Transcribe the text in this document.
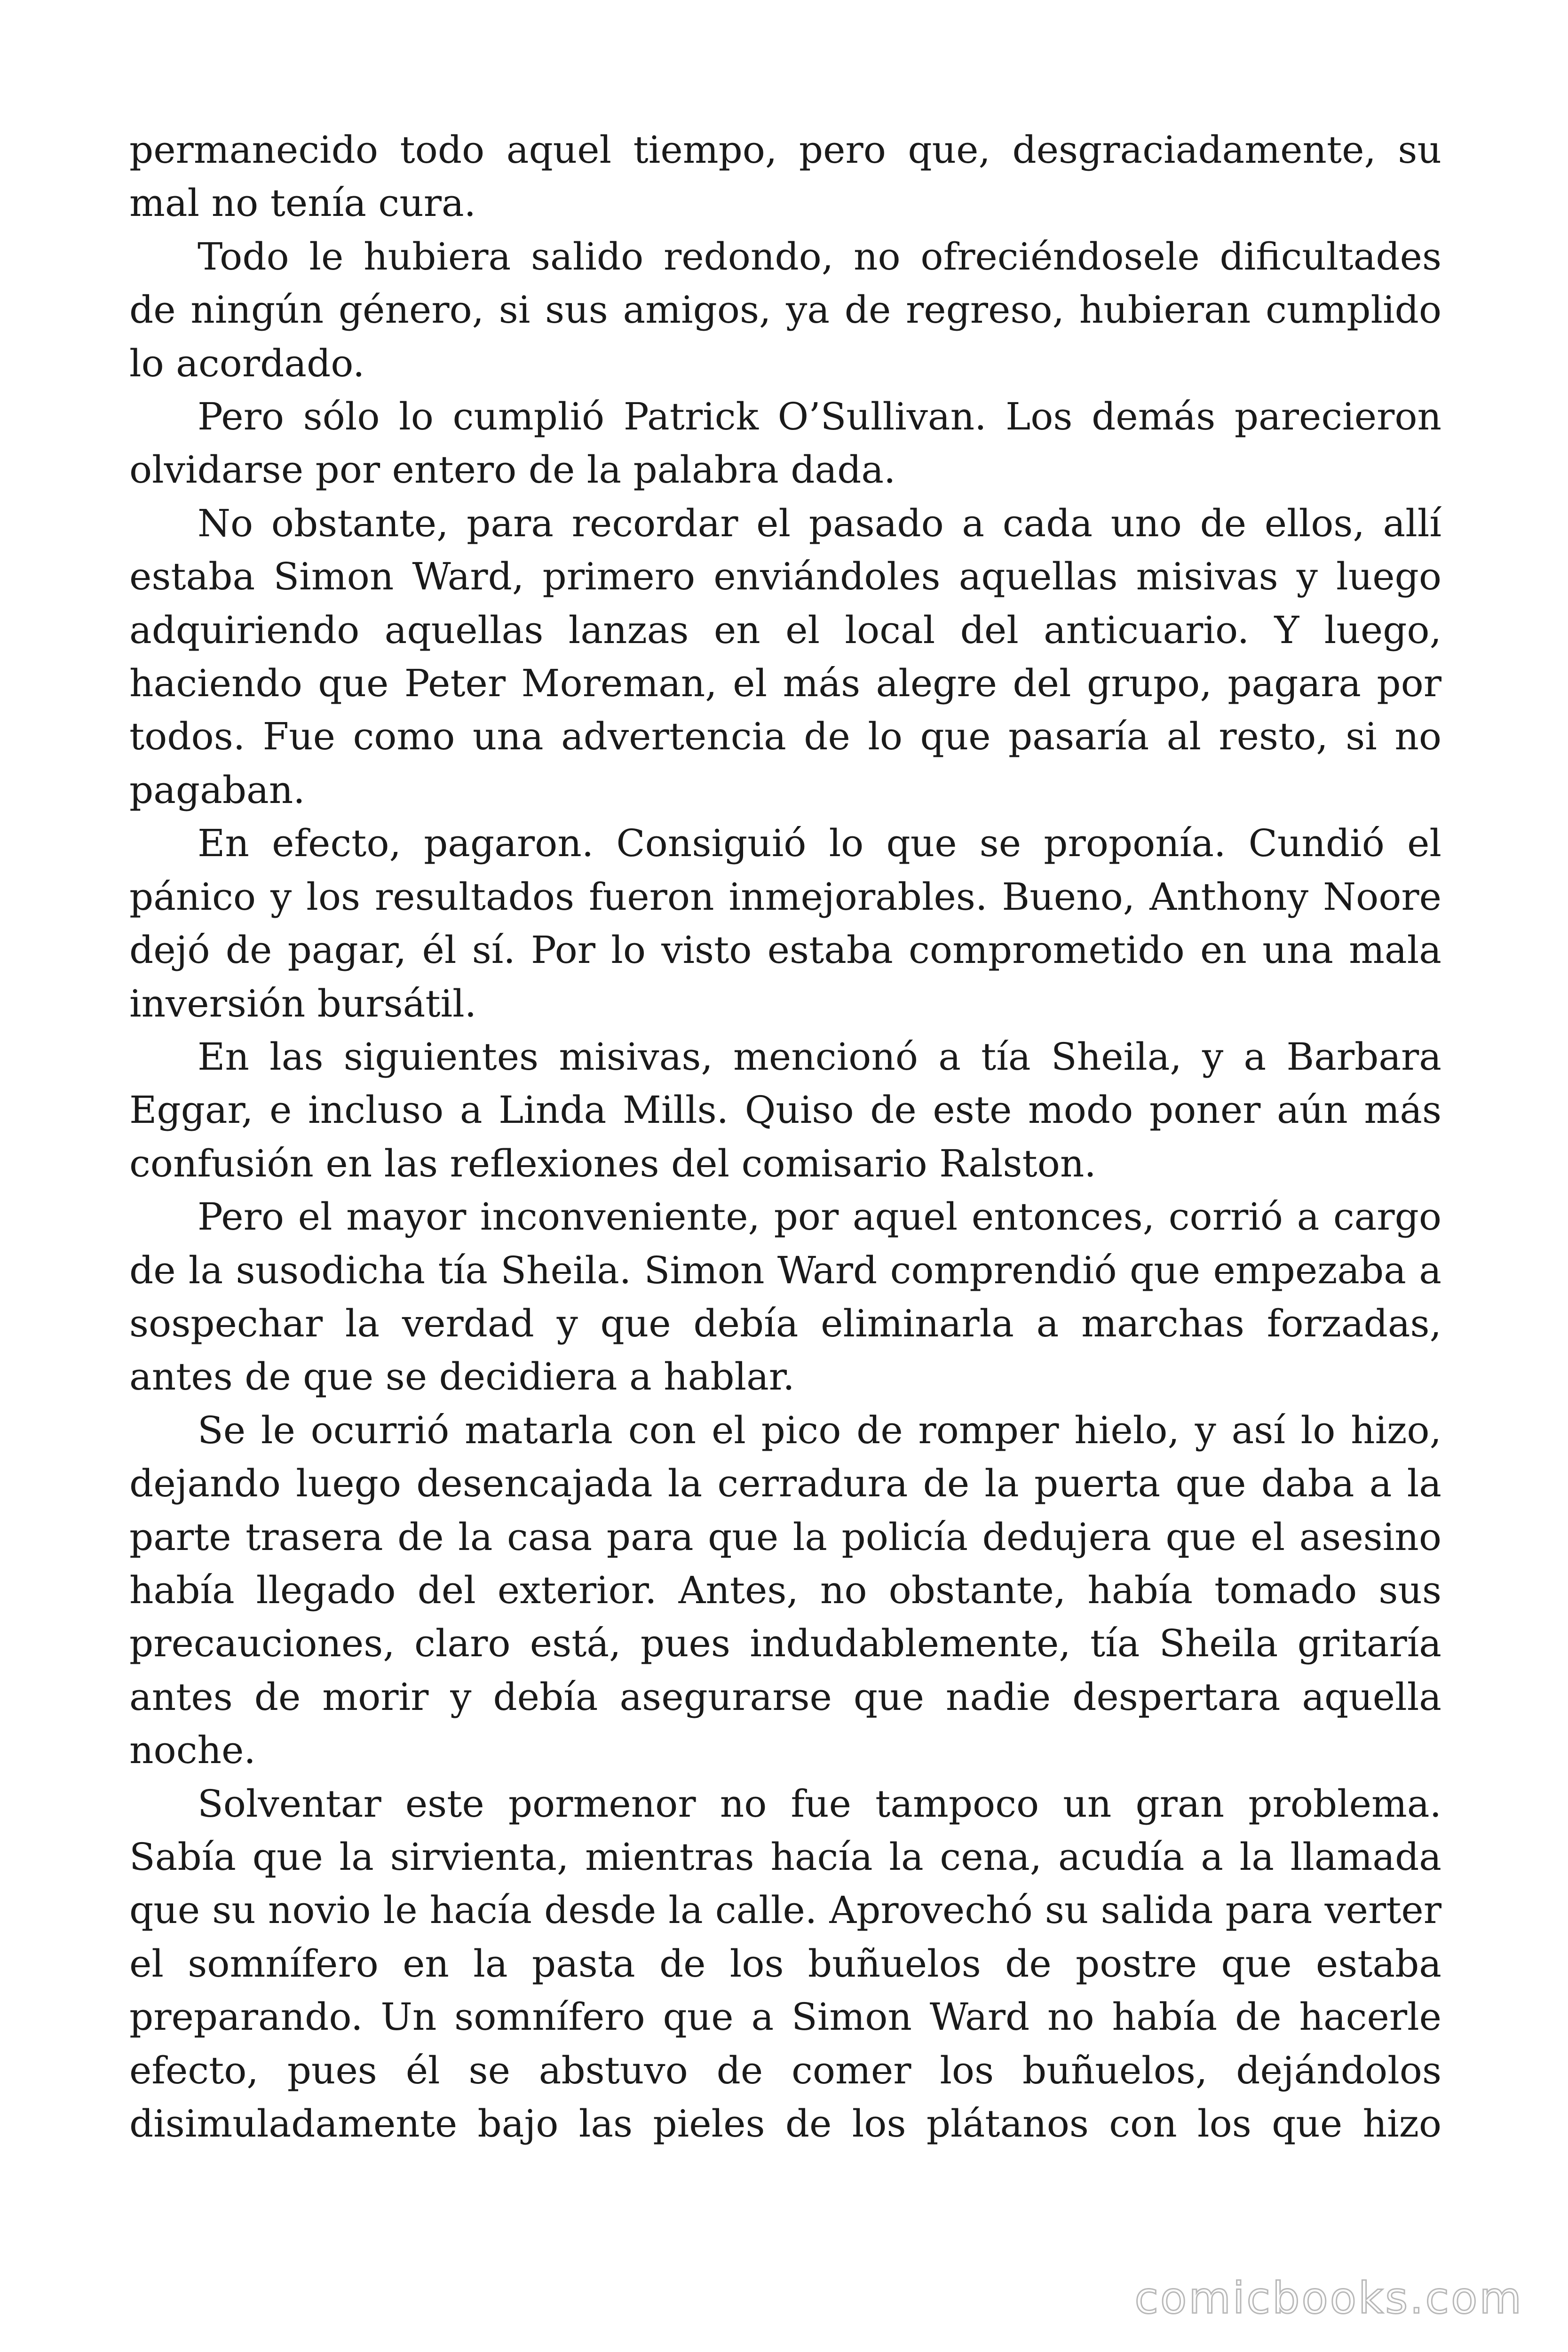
permanecido todo aquel tiempo, pero que, desgraciadamente, su mal no tenía cura.

Todo le hubiera salido redondo, no ofreciéndosele dificultades de ningún género, si sus amigos, ya de regreso, hubieran cumplido lo acordado.

Pero sólo lo cumplió Patrick O’Sullivan. Los demás parecieron olvidarse por entero de la palabra dada.

No obstante, para recordar el pasado a cada uno de ellos, allí estaba Simon Ward, primero enviándoles aquellas misivas y luego adquiriendo aquellas lanzas en el local del anticuario. Y luego, haciendo que Peter Moreman, el más alegre del grupo, pagara por todos. Fue como una advertencia de lo que pasaría al resto, si no pagaban.

En efecto, pagaron. Consiguió lo que se proponía. Cundió el pánico y los resultados fueron inmejorables. Bueno, Anthony Noore dejó de pagar, él sí. Por lo visto estaba comprometido en una mala inversión bursátil.

En las siguientes misivas, mencionó a tía Sheila, y a Barbara Eggar, e incluso a Linda Mills. Quiso de este modo poner aún más confusión en las reflexiones del comisario Ralston.

Pero el mayor inconveniente, por aquel entonces, corrió a cargo de la susodicha tía Sheila. Simon Ward comprendió que empezaba a sospechar la verdad y que debía eliminarla a marchas forzadas, antes de que se decidiera a hablar.

Se le ocurrió matarla con el pico de romper hielo, y así lo hizo, dejando luego desencajada la cerradura de la puerta que daba a la parte trasera de la casa para que la policía dedujera que el asesino había llegado del exterior. Antes, no obstante, había tomado sus precauciones, claro está, pues indudablemente, tía Sheila gritaría antes de morir y debía asegurarse que nadie despertara aquella noche.

Solventar este pormenor no fue tampoco un gran problema. Sabía que la sirvienta, mientras hacía la cena, acudía a la llamada que su novio le hacía desde la calle. Aprovechó su salida para verter el somnífero en la pasta de los buñuelos de postre que estaba preparando. Un somnífero que a Simon Ward no había de hacerle efecto, pues él se abstuvo de comer los buñuelos, dejándolos disimuladamente bajo las pieles de los plátanos con los que hizo

comicbooks.com
